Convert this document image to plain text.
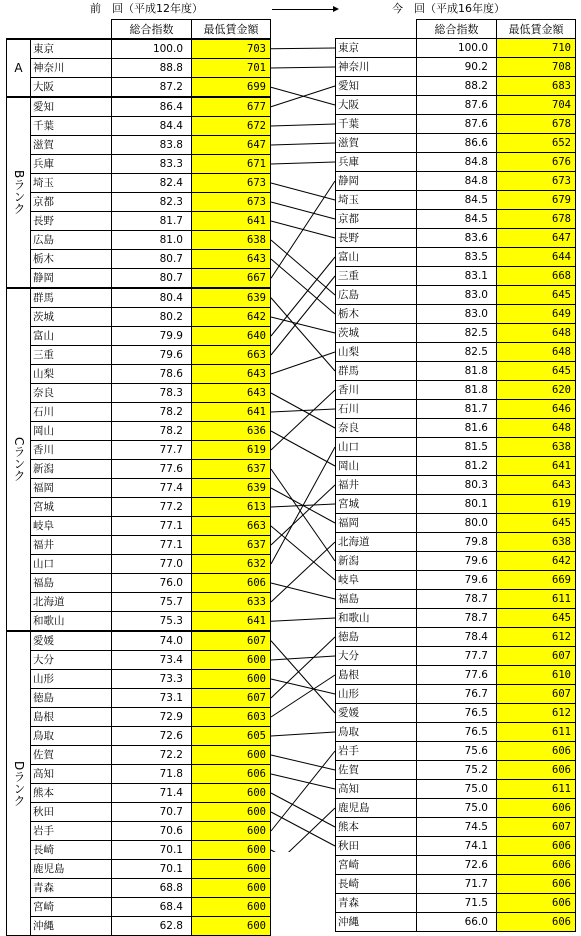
前　回（平成12年度）	今　回（平成16年度）
		総合指数	最低賃金額
A	東京	100.0	703

神奈川	88.8	701

大阪	87.2	699
Bランク	愛知	86.4	677

千葉	84.4	672

滋賀	83.8	647

兵庫	83.3	671

埼玉	82.4	673

京都	82.3	673

長野	81.7	641

広島	81.0	638

栃木	80.7	643

静岡	80.7	667
Cランク	群馬	80.4	639

茨城	80.2	642

富山	79.9	640

三重	79.6	663

山梨	78.6	643

奈良	78.3	643

石川	78.2	641

岡山	78.2	636

香川	77.7	619

新潟	77.6	637

福岡	77.4	639

宮城	77.2	613

岐阜	77.1	663

福井	77.1	637

山口	77.0	632

福島	76.0	606

北海道	75.7	633

和歌山	75.3	641
Dランク	愛媛	74.0	607

大分	73.4	600

山形	73.3	600

徳島	73.1	607

島根	72.9	603

鳥取	72.6	605

佐賀	72.2	600

高知	71.8	606

熊本	71.4	600

秋田	70.7	600

岩手	70.6	600

長崎	70.1	600

鹿児島	70.1	600

青森	68.8	600

宮崎	68.4	600

沖縄	62.8	600
	総合指数	最低賃金額

東京	100.0	710

神奈川	90.2	708

愛知	88.2	683

大阪	87.6	704

千葉	87.6	678

滋賀	86.6	652

兵庫	84.8	676

静岡	84.8	673

埼玉	84.5	679

京都	84.5	678

長野	83.6	647

富山	83.5	644

三重	83.1	668

広島	83.0	645

栃木	83.0	649

茨城	82.5	648

山梨	82.5	648

群馬	81.8	645

香川	81.8	620

石川	81.7	646

奈良	81.6	648

山口	81.5	638

岡山	81.2	641

福井	80.3	643

宮城	80.1	619

福岡	80.0	645

北海道	79.8	638

新潟	79.6	642

岐阜	79.6	669

福島	78.7	611

和歌山	78.7	645

徳島	78.4	612

大分	77.7	607

島根	77.6	610

山形	76.7	607

愛媛	76.5	612

鳥取	76.5	611

岩手	75.6	606

佐賀	75.2	606

高知	75.0	611

鹿児島	75.0	606

熊本	74.5	607

秋田	74.1	606

宮崎	72.6	606

長崎	71.7	606

青森	71.5	606

沖縄	66.0	606
